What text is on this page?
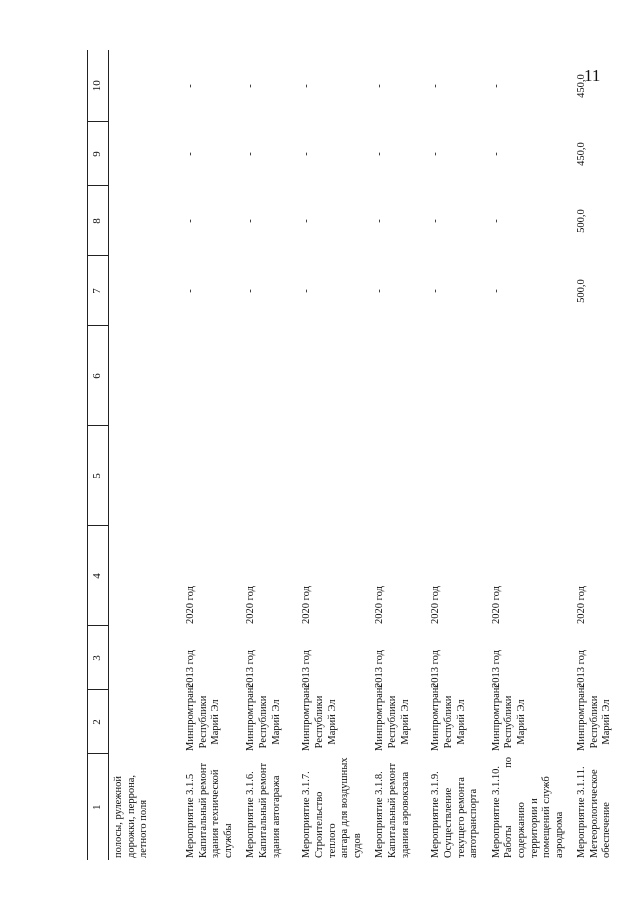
11
1	2	3	4	5	6	7	8	9	10

полосы, рулежной дорожки, перрона, летного поля									

Мероприятие 3.1.5 Капитальный ремонт здания технической службы	Минпромтранс Республики Марий Эл	2013 год	2020 год			-	-	-	-

Мероприятие 3.1.6. Капитальный ремонт здания автогаража	Минпромтранс Республики Марий Эл	2013 год	2020 год			-	-	-	-

Мероприятие 3.1.7. Строительство теплого ангара для воздушных судов	Минпромтранс Республики Марий Эл	2013 год	2020 год			-	-	-	-

Мероприятие 3.1.8. Капитальный ремонт здания аэровокзала	Минпромтранс Республики Марий Эл	2013 год	2020 год			-	-	-	-

Мероприятие 3.1.9. Осуществление текущего ремонта автотранспорта	Минпромтранс Республики Марий Эл	2013 год	2020 год			-	-	-	-

Мероприятие 3.1.10. Работы по содержанию территории и помещений служб аэродрома	Минпромтранс Республики Марий Эл	2013 год	2020 год			-	-	-	-

Мероприятие 3.1.11. Метеорологическое обеспечение	Минпромтранс Республики Марий Эл	2013 год	2020 год			500,0	500,0	450,0	450,0
